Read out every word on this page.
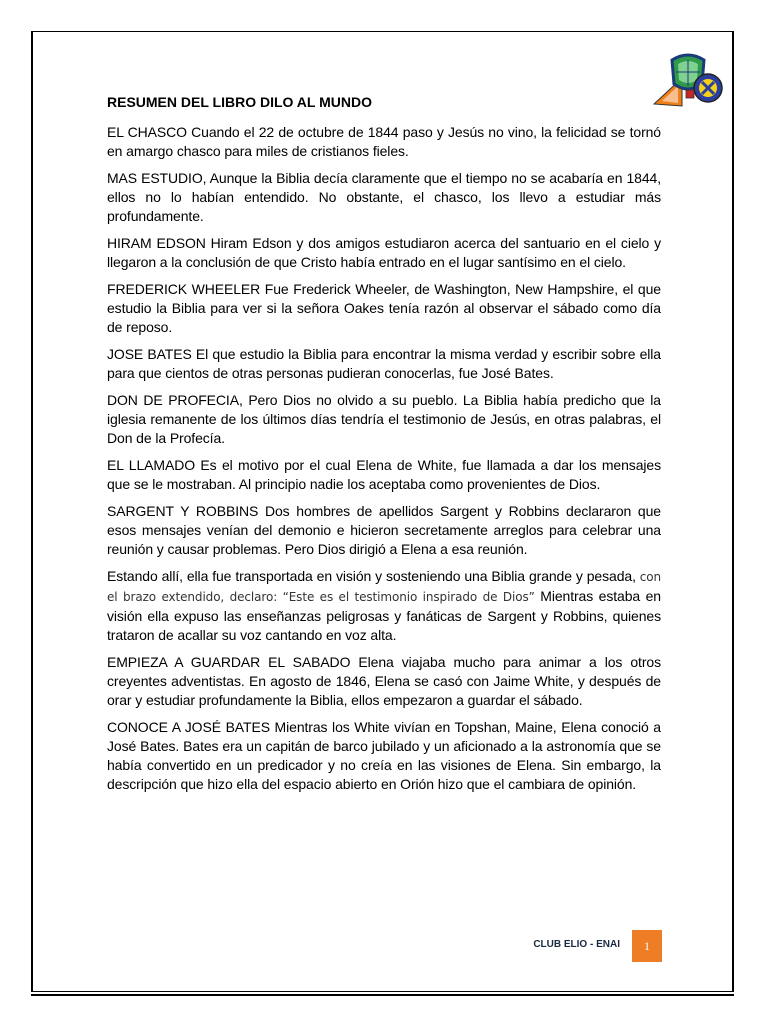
RESUMEN DEL LIBRO DILO AL MUNDO

EL CHASCO Cuando el 22 de octubre de 1844 paso y Jesús no vino, la felicidad se tornó en amargo chasco para miles de cristianos fieles.

MAS ESTUDIO, Aunque la Biblia decía claramente que el tiempo no se acabaría en 1844, ellos no lo habían entendido. No obstante, el chasco, los llevo a estudiar más profundamente.

HIRAM EDSON Hiram Edson y dos amigos estudiaron acerca del santuario en el cielo y llegaron a la conclusión de que Cristo había entrado en el lugar santísimo en el cielo.

FREDERICK WHEELER Fue Frederick Wheeler, de Washington, New Hampshire, el que estudio la Biblia para ver si la señora Oakes tenía razón al observar el sábado como día de reposo.

JOSE BATES El que estudio la Biblia para encontrar la misma verdad y escribir sobre ella para que cientos de otras personas pudieran conocerlas, fue José Bates.

DON DE PROFECIA, Pero Dios no olvido a su pueblo. La Biblia había predicho que la iglesia remanente de los últimos días tendría el testimonio de Jesús, en otras palabras, el Don de la Profecía.

EL LLAMADO Es el motivo por el cual Elena de White, fue llamada a dar los mensajes que se le mostraban. Al principio nadie los aceptaba como provenientes de Dios.

SARGENT Y ROBBINS Dos hombres de apellidos Sargent y Robbins declararon que esos mensajes venían del demonio e hicieron secretamente arreglos para celebrar una reunión y causar problemas. Pero Dios dirigió a Elena a esa reunión.

Estando allí, ella fue transportada en visión y sosteniendo una Biblia grande y pesada, con el brazo extendido, declaro: “Este es el testimonio inspirado de Dios” Mientras estaba en visión ella expuso las enseñanzas peligrosas y fanáticas de Sargent y Robbins, quienes trataron de acallar su voz cantando en voz alta.

EMPIEZA A GUARDAR EL SABADO Elena viajaba mucho para animar a los otros creyentes adventistas. En agosto de 1846, Elena se casó con Jaime White, y después de orar y estudiar profundamente la Biblia, ellos empezaron a guardar el sábado.

CONOCE A JOSÉ BATES Mientras los White vivían en Topshan, Maine, Elena conoció a José Bates. Bates era un capitán de barco jubilado y un aficionado a la astronomía que se había convertido en un predicador y no creía en las visiones de Elena. Sin embargo, la descripción que hizo ella del espacio abierto en Orión hizo que el cambiara de opinión.

CLUB ELIO - ENAI	1
